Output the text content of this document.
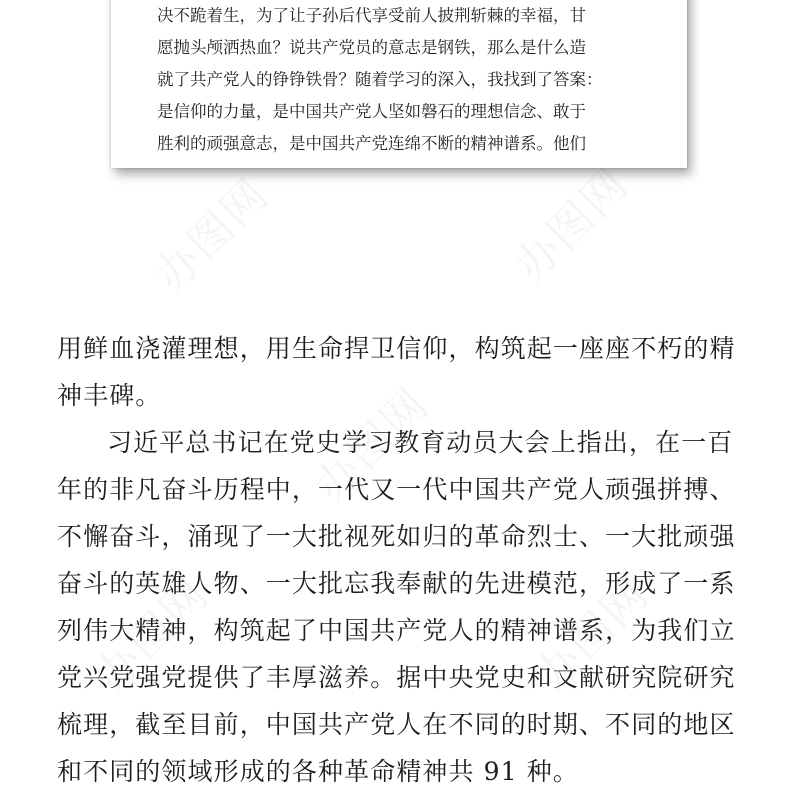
决不跪着生，为了让子孙后代享受前人披荆斩棘的幸福，甘
愿抛头颅洒热血？说共产党员的意志是钢铁，那么是什么造
就了共产党人的铮铮铁骨？随着学习的深入，我找到了答案：
是信仰的力量，是中国共产党人坚如磐石的理想信念、敢于
胜利的顽强意志，是中国共产党连绵不断的精神谱系。他们
用鲜血浇灌理想，用生命捍卫信仰，构筑起一座座不朽的精
神丰碑。
习近平总书记在党史学习教育动员大会上指出，在一百
年的非凡奋斗历程中，一代又一代中国共产党人顽强拼搏、
不懈奋斗，涌现了一大批视死如归的革命烈士、一大批顽强
奋斗的英雄人物、一大批忘我奉献的先进模范，形成了一系
列伟大精神，构筑起了中国共产党人的精神谱系，为我们立
党兴党强党提供了丰厚滋养。据中央党史和文献研究院研究
梳理，截至目前，中国共产党人在不同的时期、不同的地区
和不同的领域形成的各种革命精神共 91 种。
